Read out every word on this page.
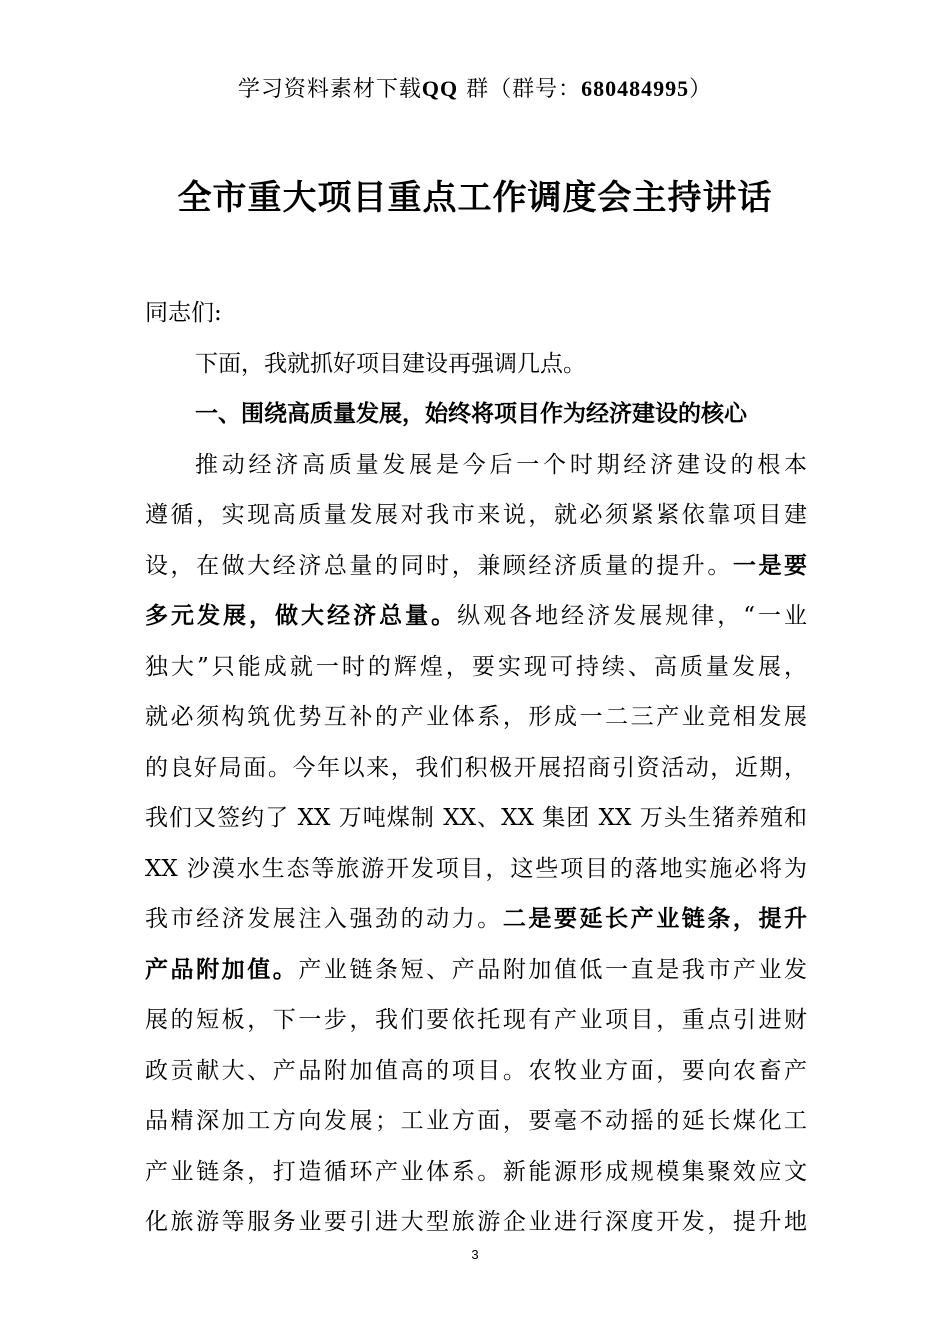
学习资料素材下载QQ 群（群号：680484995）
全市重大项目重点工作调度会主持讲话
同志们:
下面，我就抓好项目建设再强调几点。
一、围绕高质量发展，始终将项目作为经济建设的核心
推动经济高质量发展是今后一个时期经济建设的根本
遵循，实现高质量发展对我市来说，就必须紧紧依靠项目建
设，在做大经济总量的同时，兼顾经济质量的提升。一是要
多元发展，做大经济总量。纵观各地经济发展规律，“一业
独大”只能成就一时的辉煌，要实现可持续、高质量发展，
就必须构筑优势互补的产业体系，形成一二三产业竞相发展
的良好局面。今年以来，我们积极开展招商引资活动，近期，
我们又签约了 XX 万吨煤制 XX、XX 集团 XX 万头生猪养殖和
XX 沙漠水生态等旅游开发项目，这些项目的落地实施必将为
我市经济发展注入强劲的动力。二是要延长产业链条，提升
产品附加值。产业链条短、产品附加值低一直是我市产业发
展的短板，下一步，我们要依托现有产业项目，重点引进财
政贡献大、产品附加值高的项目。农牧业方面，要向农畜产
品精深加工方向发展；工业方面，要毫不动摇的延长煤化工
产业链条，打造循环产业体系。新能源形成规模集聚效应文
化旅游等服务业要引进大型旅游企业进行深度开发，提升地
3
